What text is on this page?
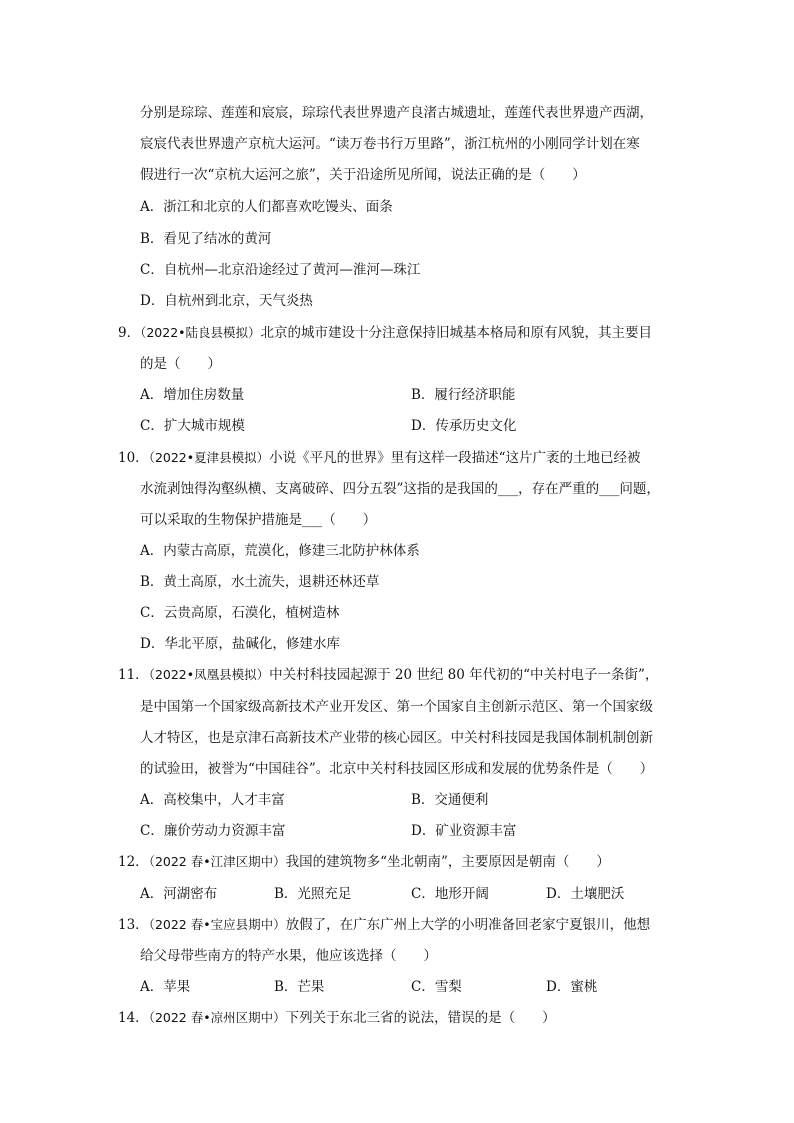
分别是琮琮、莲莲和宸宸，琮琮代表世界遗产良渚古城遗址，莲莲代表世界遗产西湖，
宸宸代表世界遗产京杭大运河。“读万卷书行万里路”，浙江杭州的小刚同学计划在寒
假进行一次“京杭大运河之旅”，关于沿途所见所闻，说法正确的是（　　）
A．浙江和北京的人们都喜欢吃馒头、面条
B．看见了结冰的黄河
C．自杭州—北京沿途经过了黄河—淮河—珠江
D．自杭州到北京，天气炎热
9．（2022•陆良县模拟）北京的城市建设十分注意保持旧城基本格局和原有风貌，其主要目
的是（　　）
A．增加住房数量	B．履行经济职能
C．扩大城市规模	D．传承历史文化
10．（2022•夏津县模拟）小说《平凡的世界》里有这样一段描述“这片广袤的土地已经被
水流剥蚀得沟壑纵横、支离破碎、四分五裂”这指的是我国的___，存在严重的___问题，
可以采取的生物保护措施是___（　　）
A．内蒙古高原，荒漠化，修建三北防护林体系
B．黄土高原，水土流失，退耕还林还草
C．云贵高原，石漠化，植树造林
D．华北平原，盐碱化，修建水库
11．（2022•凤凰县模拟）中关村科技园起源于 20 世纪 80 年代初的“中关村电子一条街”，
是中国第一个国家级高新技术产业开发区、第一个国家自主创新示范区、第一个国家级
人才特区，也是京津石高新技术产业带的核心园区。中关村科技园是我国体制机制创新
的试验田，被誉为“中国硅谷”。北京中关村科技园区形成和发展的优势条件是（　　）
A．高校集中，人才丰富	B．交通便利
C．廉价劳动力资源丰富	D．矿业资源丰富
12．（2022 春•江津区期中）我国的建筑物多“坐北朝南”，主要原因是朝南（　　）
A．河湖密布	B．光照充足	C．地形开阔	D．土壤肥沃
13．（2022 春•宝应县期中）放假了，在广东广州上大学的小明准备回老家宁夏银川，他想
给父母带些南方的特产水果，他应该选择（　　）
A．苹果	B．芒果	C．雪梨	D．蜜桃
14．（2022 春•凉州区期中）下列关于东北三省的说法，错误的是（　　）
